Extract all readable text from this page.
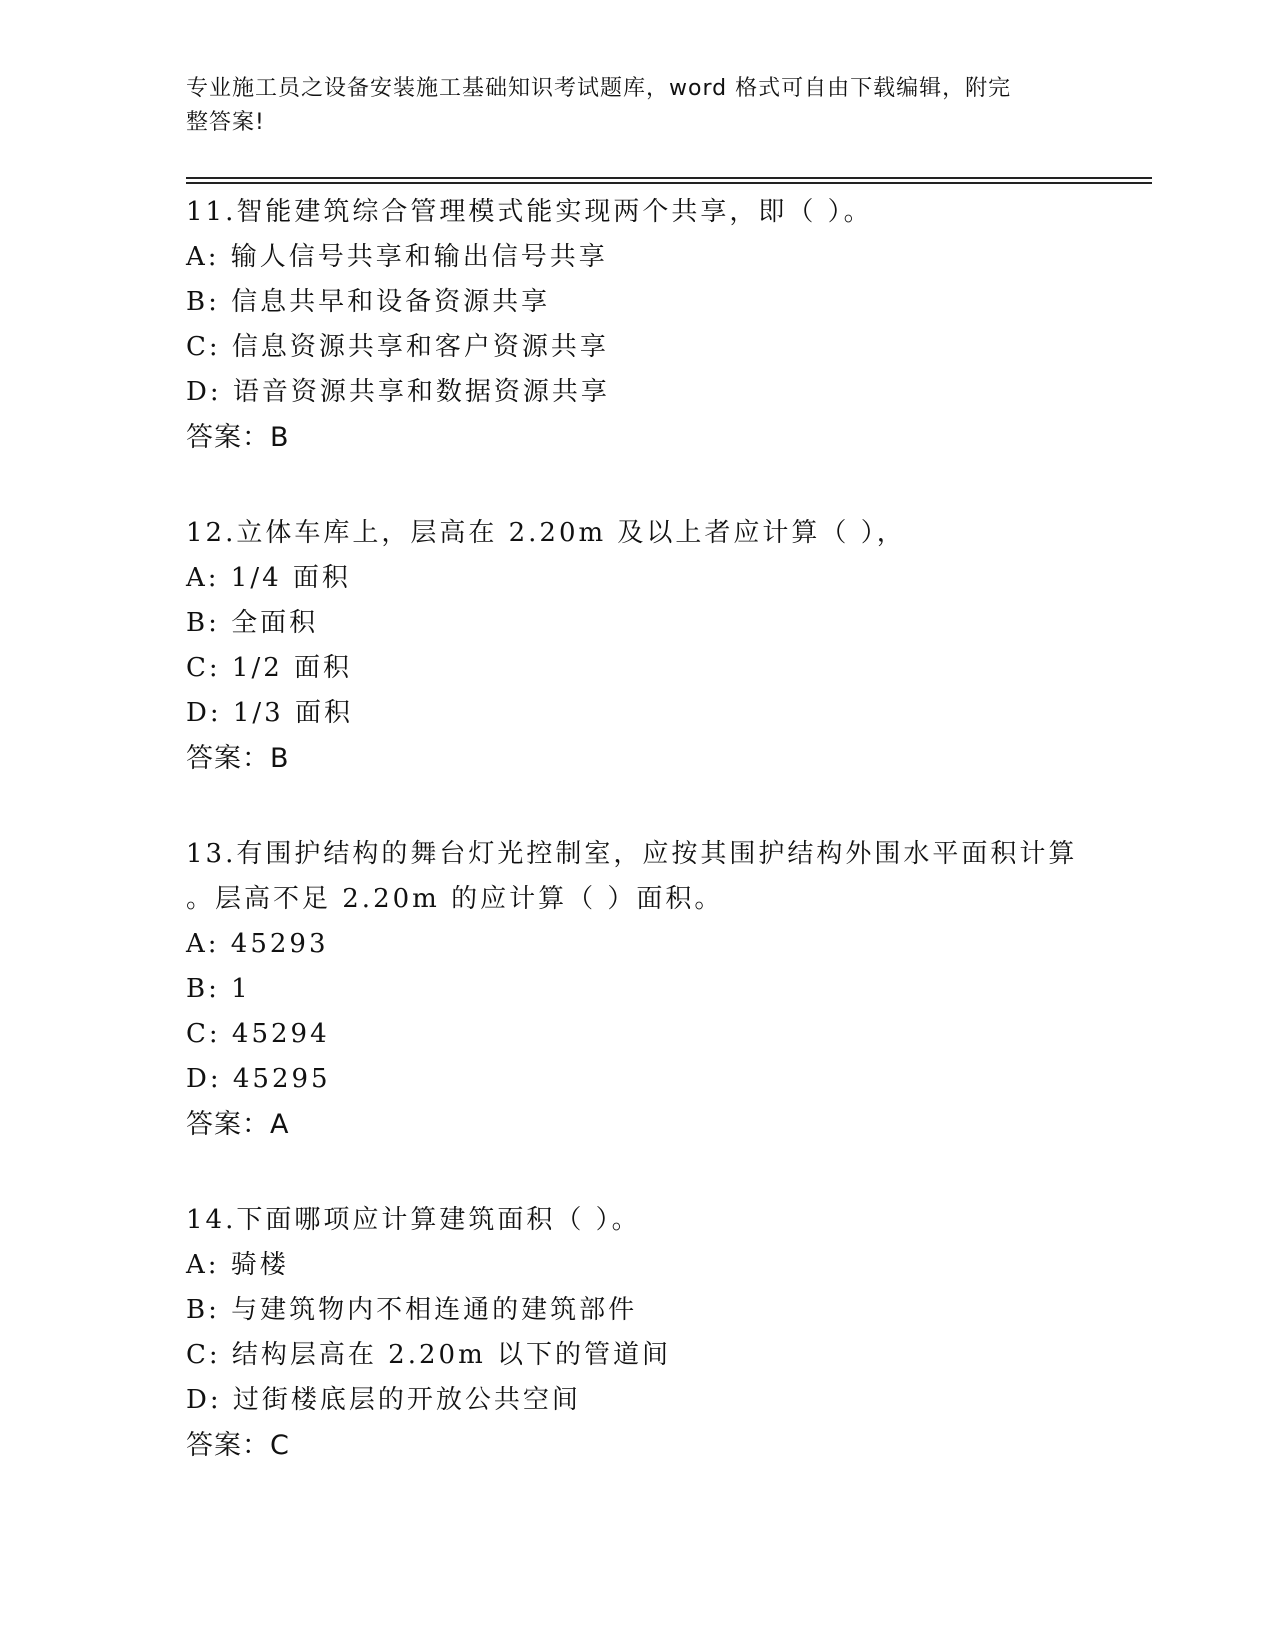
专业施工员之设备安装施工基础知识考试题库，word 格式可自由下载编辑，附完
整答案!
11.智能建筑综合管理模式能实现两个共享，即（ ）。
A: 输人信号共享和输出信号共享
B: 信息共早和设备资源共享
C: 信息资源共享和客户资源共享
D: 语音资源共享和数据资源共享
答案：B
12.立体车库上，层高在 2.20m 及以上者应计算（ ），
A: 1/4 面积
B: 全面积
C: 1/2 面积
D: 1/3 面积
答案：B
13.有围护结构的舞台灯光控制室，应按其围护结构外围水平面积计算
。层高不足 2.20m 的应计算（ ）面积。
A: 45293
B: 1
C: 45294
D: 45295
答案：A
14.下面哪项应计算建筑面积（ ）。
A: 骑楼
B: 与建筑物内不相连通的建筑部件
C: 结构层高在 2.20m 以下的管道间
D: 过街楼底层的开放公共空间
答案：C
